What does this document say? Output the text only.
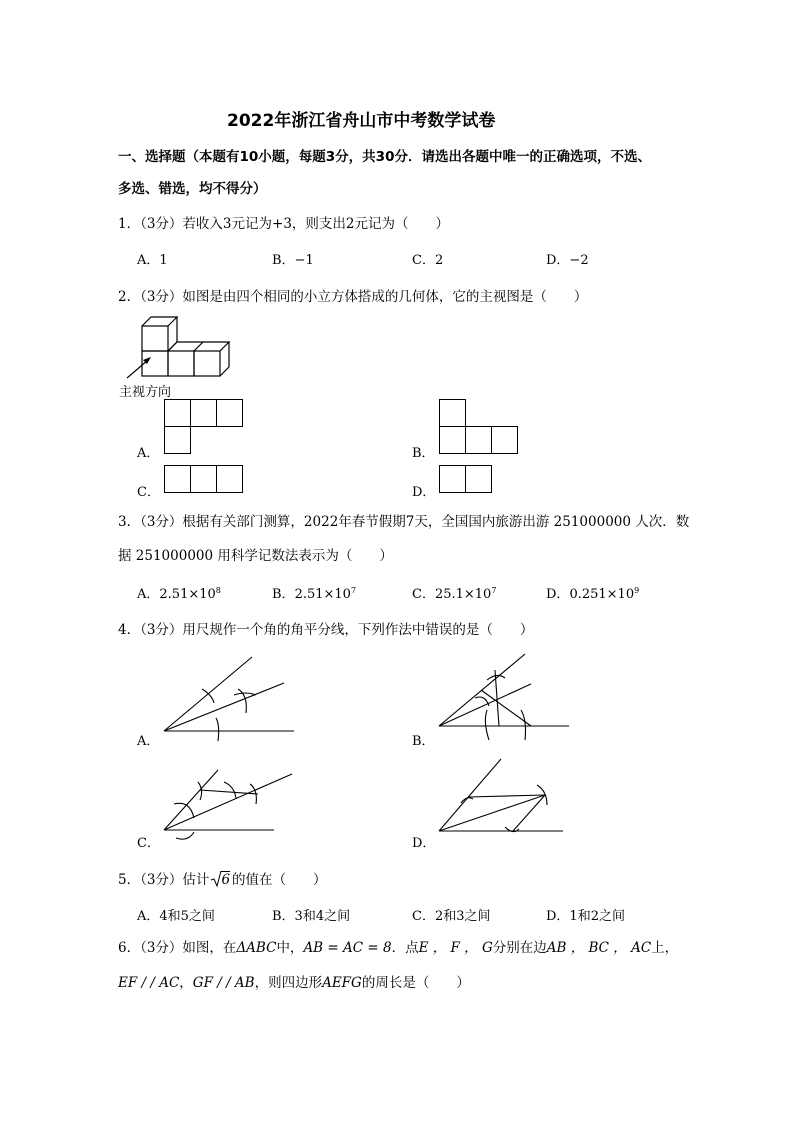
2022年浙江省舟山市中考数学试卷
一、选择题（本题有10小题，每题3分，共30分．请选出各题中唯一的正确选项，不选、
多选、错选，均不得分）
1．（3分）若收入3元记为+3，则支出2元记为（　　）
A．1	B．−1	C．2	D．−2
2．（3分）如图是由四个相同的小立方体搭成的几何体，它的主视图是（　　）
主视方向
A．	B．
C．	D．
3．（3分）根据有关部门测算，2022年春节假期7天，全国国内旅游出游 251000000 人次．数
据 251000000 用科学记数法表示为（　　）
A．$2.51\times 10^8$	B．$2.51\times 10^7$	C．$25.1\times 10^7$	D．$0.251\times 10^9$
4．（3分）用尺规作一个角的角平分线，下列作法中错误的是（　　）
A．	B．
C．	D．
5．（3分）估计 6 的值在（　　）
A．4和5之间	B．3和4之间	C．2和3之间	D．1和2之间
6．（3分）如图，在ΔABC中，AB = AC = 8．点E ， F ， G分别在边AB ， BC ， AC上，
EF / / AC，GF / / AB，则四边形AEFG的周长是（　　）
